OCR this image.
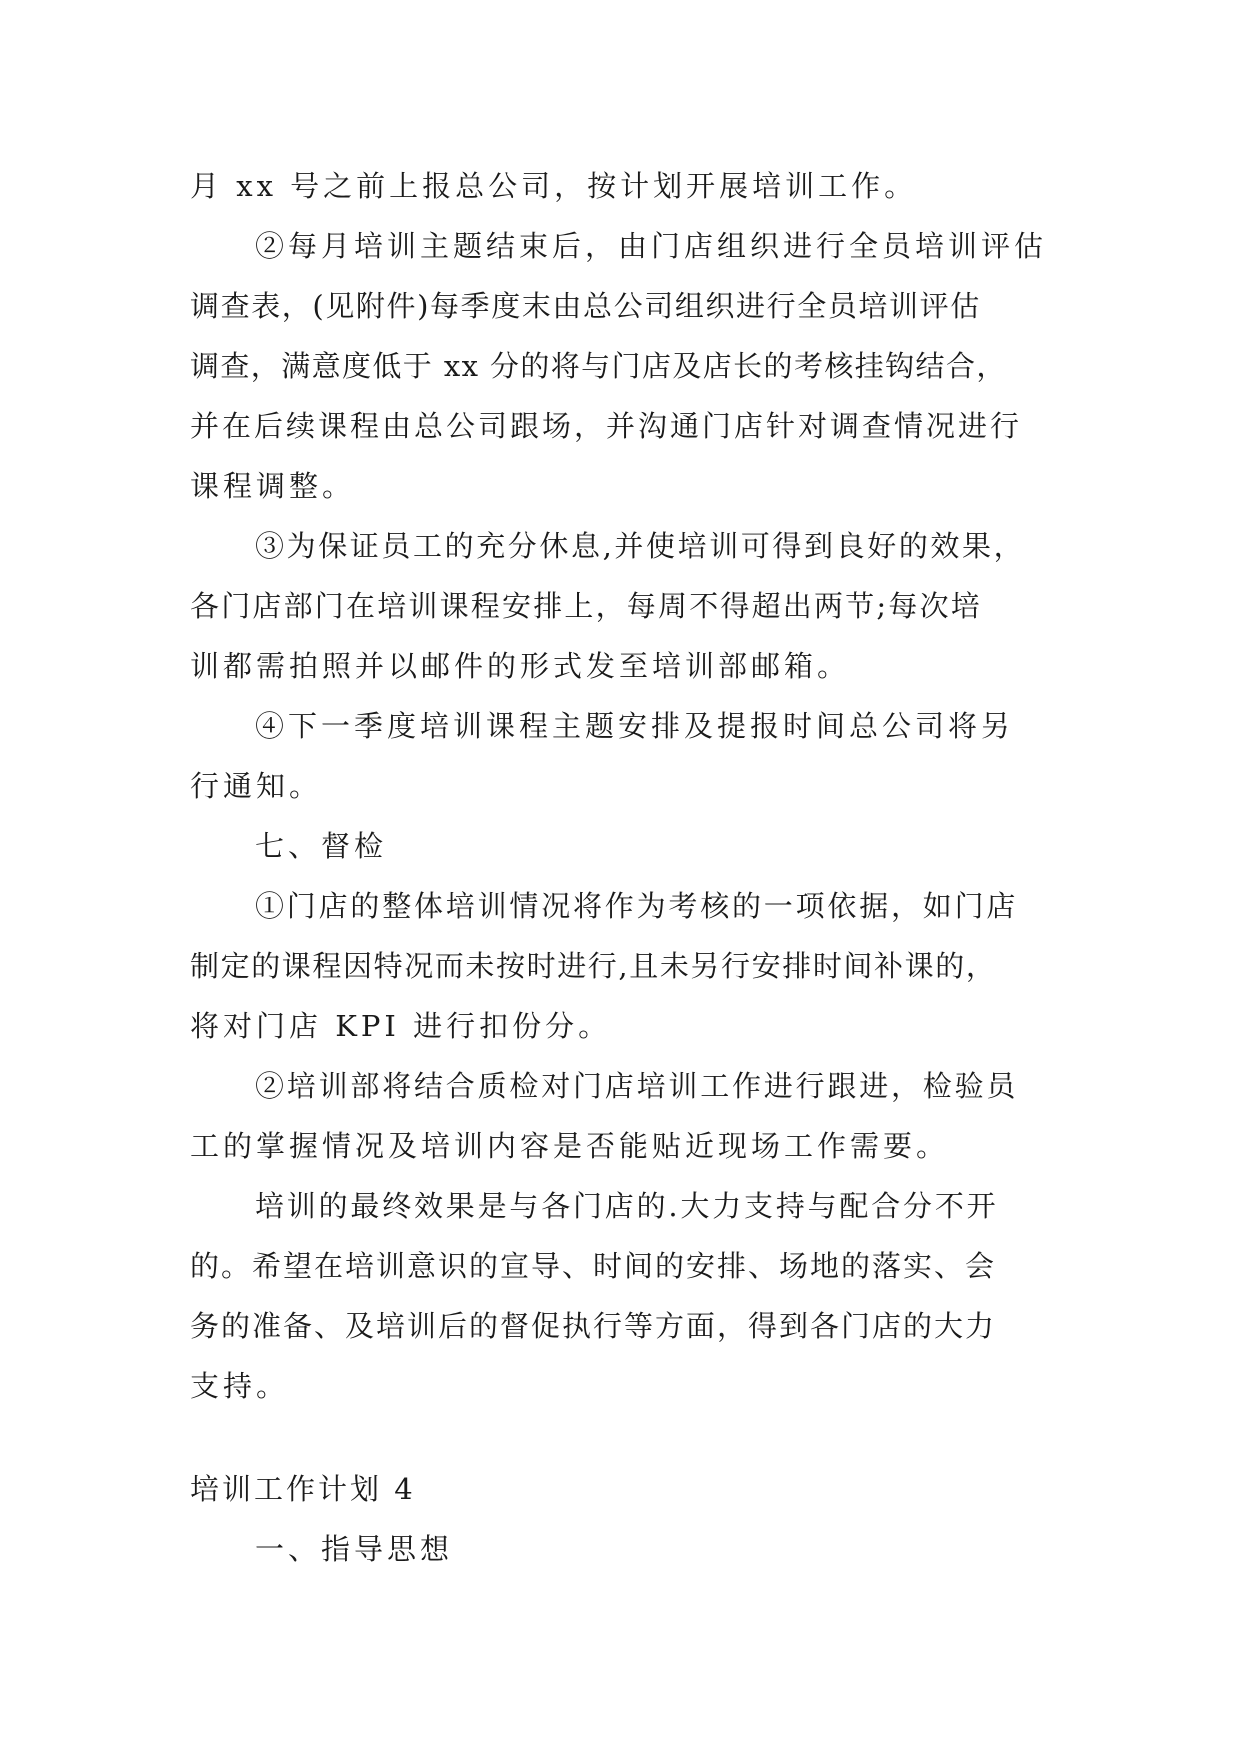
月 xx 号之前上报总公司，按计划开展培训工作。
②每月培训主题结束后，由门店组织进行全员培训评估
调查表，(见附件)每季度末由总公司组织进行全员培训评估
调查，满意度低于 xx 分的将与门店及店长的考核挂钩结合，
并在后续课程由总公司跟场，并沟通门店针对调查情况进行
课程调整。
③为保证员工的充分休息,并使培训可得到良好的效果，
各门店部门在培训课程安排上，每周不得超出两节;每次培
训都需拍照并以邮件的形式发至培训部邮箱。
④下一季度培训课程主题安排及提报时间总公司将另
行通知。
七、督检
①门店的整体培训情况将作为考核的一项依据，如门店
制定的课程因特况而未按时进行,且未另行安排时间补课的，
将对门店 KPI 进行扣份分。
②培训部将结合质检对门店培训工作进行跟进，检验员
工的掌握情况及培训内容是否能贴近现场工作需要。
培训的最终效果是与各门店的.大力支持与配合分不开
的。希望在培训意识的宣导、时间的安排、场地的落实、会
务的准备、及培训后的督促执行等方面，得到各门店的大力
支持。
培训工作计划 4
一、指导思想
